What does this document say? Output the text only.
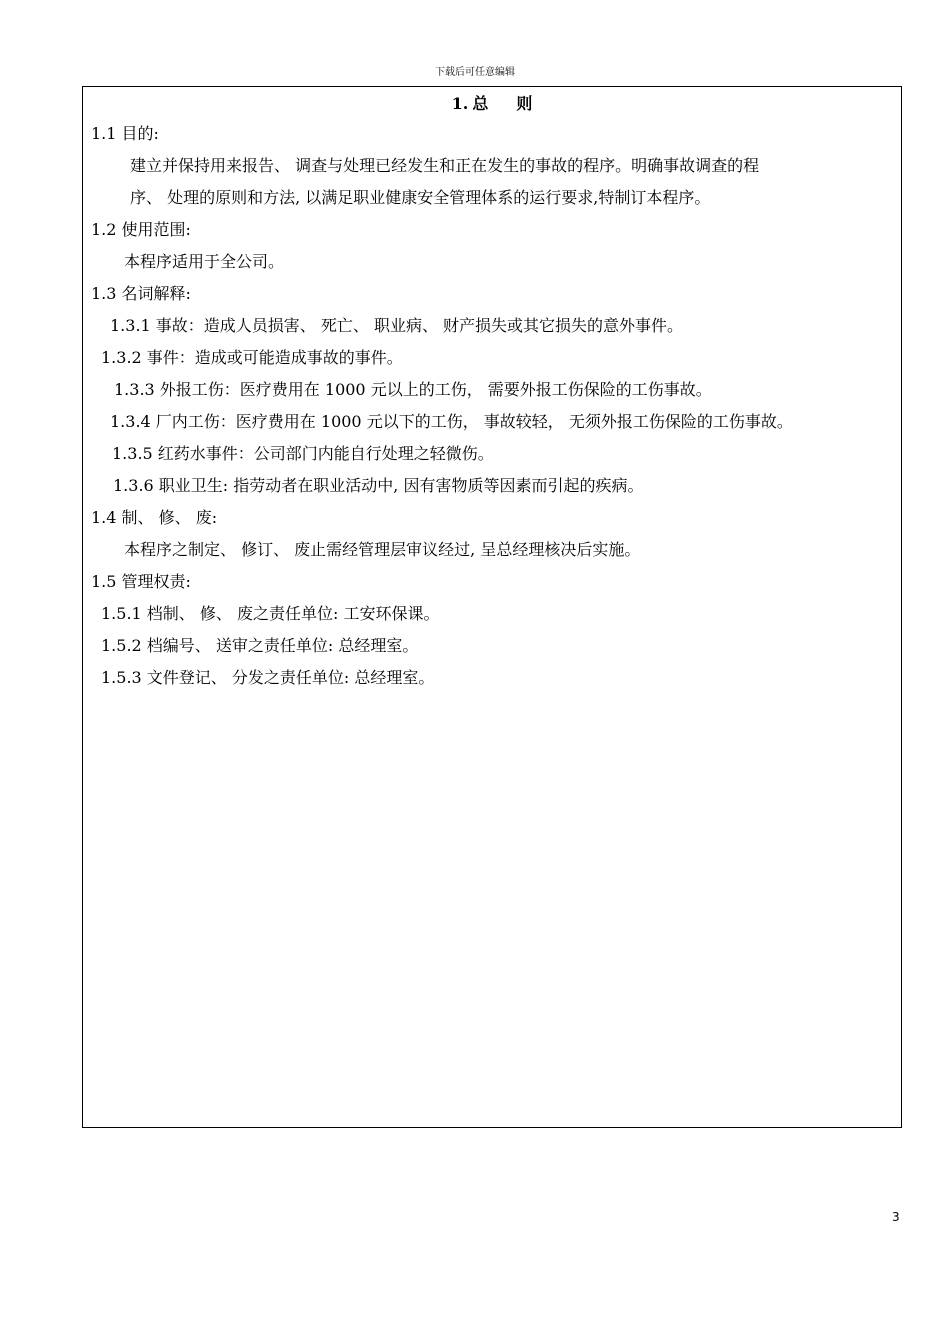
下载后可任意编辑
1. 总 则
1.1 目的:
建立并保持用来报告、 调查与处理已经发生和正在发生的事故的程序。明确事故调查的程
序、 处理的原则和方法, 以满足职业健康安全管理体系的运行要求,特制订本程序。
1.2 使用范围:
本程序适用于全公司。
1.3 名词解释:
1.3.1 事故：造成人员损害、 死亡、 职业病、 财产损失或其它损失的意外事件。
1.3.2 事件：造成或可能造成事故的事件。
1.3.3 外报工伤：医疗费用在 1000 元以上的工伤， 需要外报工伤保险的工伤事故。
1.3.4 厂内工伤：医疗费用在 1000 元以下的工伤， 事故较轻， 无须外报工伤保险的工伤事故。
1.3.5 红药水事件：公司部门内能自行处理之轻微伤。
1.3.6 职业卫生: 指劳动者在职业活动中, 因有害物质等因素而引起的疾病。
1.4 制、 修、 废:
本程序之制定、 修订、 废止需经管理层审议经过, 呈总经理核决后实施。
1.5 管理权责:
1.5.1 档制、 修、 废之责任单位: 工安环保课。
1.5.2 档编号、 送审之责任单位: 总经理室。
1.5.3 文件登记、 分发之责任单位: 总经理室。
3
